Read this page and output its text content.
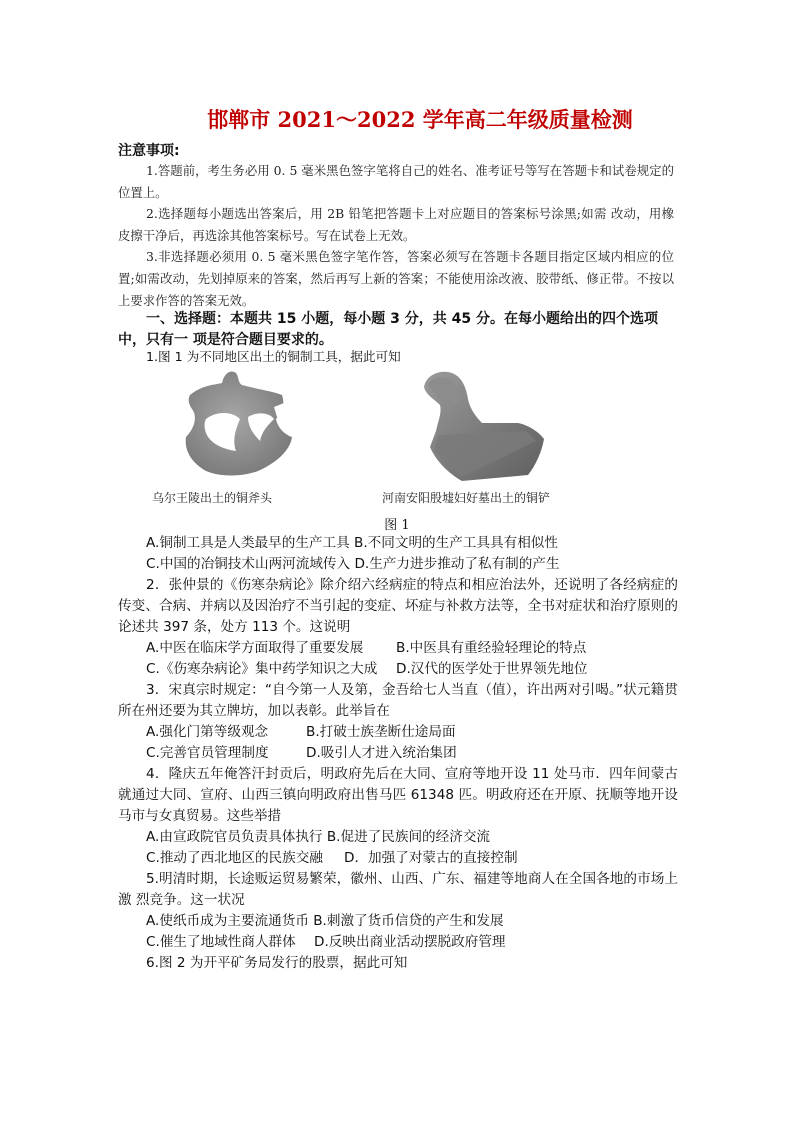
邯郸市 2021～2022 学年高二年级质量检测
注意事项:
1.答题前，考生务必用 0. 5 毫米黑色签字笔将自己的姓名、准考证号等写在答题卡和试卷规定的位置上。
2.选择题每小题选出答案后，用 2B 铅笔把答题卡上对应题目的答案标号涂黑;如需 改动，用橡皮擦干净后，再选涂其他答案标号。写在试卷上无效。
3.非选择题必须用 0. 5 毫米黑色签字笔作答，答案必须写在答题卡各题目指定区域内相应的位置;如需改动，先划掉原来的答案，然后再写上新的答案；不能使用涂改液、胶带纸、修正带。不按以上要求作答的答案无效。
一、选择题：本题共 15 小题，每小题 3 分，共 45 分。在每小题给出的四个选项中，只有一 项是符合题目要求的。
1.图 1 为不同地区出土的铜制工具，据此可知
乌尔王陵出土的铜斧头	河南安阳殷墟妇好墓出土的铜铲
图 1
A.铜制工具是人类最早的生产工具 B.不同文明的生产工具具有相似性
C.中国的冶铜技术山两河流域传入 D.生产力进步推动了私有制的产生
2．张仲景的《伤寒杂病论》除介绍六经病症的特点和相应治法外，还说明了各经病症的传变、合病、并病以及因治疗不当引起的变症、坏症与补救方法等，全书对症状和治疗原则的论述共 397 条，处方 113 个。这说明
A.中医在临床学方面取得了重要发展 B.中医具有重经验轻理论的特点
C.《伤寒杂病论》集中药学知识之大成 D.汉代的医学处于世界领先地位
3．宋真宗时规定：“自今第一人及第，金吾给七人当直（值），许出两对引喝。”状元籍贯所在州还要为其立牌坊，加以表彰。此举旨在
A.强化门第等级观念	B.打破士族垄断仕途局面
C.完善官员管理制度	D.吸引人才进入统治集团
4．隆庆五年俺答汗封贡后，明政府先后在大同、宣府等地开设 11 处马市．四年间蒙古就通过大同、宣府、山西三镇向明政府出售马匹 61348 匹。明政府还在开原、抚顺等地开设马市与女真贸易。这些举措
A.由宣政院官员负责具体执行 B.促进了民族间的经济交流
C.推动了西北地区的民族交融 D．加强了对蒙古的直接控制
5.明清时期，长途贩运贸易繁荣，徽州、山西、广东、福建等地商人在全国各地的市场上激 烈竞争。这一状况
A.使纸币成为主要流通货币 B.刺激了货币信贷的产生和发展
C.催生了地域性商人群体 D.反映出商业活动摆脱政府管理
6.图 2 为开平矿务局发行的股票，据此可知
